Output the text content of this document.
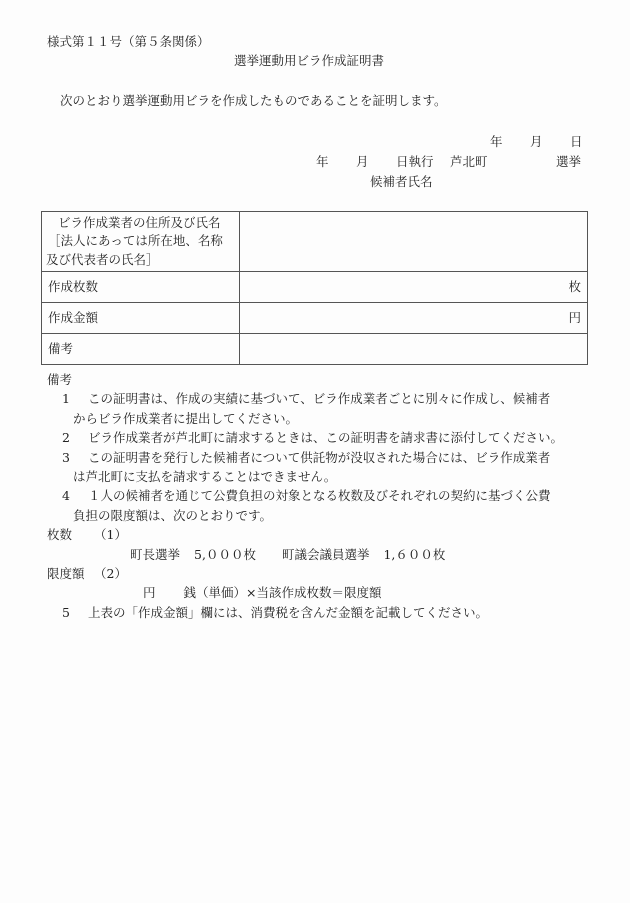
様式第１１号（第５条関係）
選挙運動用ビラ作成証明書
次のとおり選挙運動用ビラを作成したものであることを証明します。
年 月 日
年 月 日執行 芦北町	選挙
候補者氏名
ビラ作成業者の住所及び氏名
［法人にあっては所在地、名称
及び代表者の氏名］	

作成枚数	枚
作成金額	円
備考	
備考
1	この証明書は、作成の実績に基づいて、ビラ作成業者ごとに別々に作成し、候補者
からビラ作成業者に提出してください。
2	ビラ作成業者が芦北町に請求するときは、この証明書を請求書に添付してください。
3	この証明書を発行した候補者について供託物が没収された場合には、ビラ作成業者
は芦北町に支払を請求することはできません。
4	１人の候補者を通じて公費負担の対象となる枚数及びそれぞれの契約に基づく公費
負担の限度額は、次のとおりです。
（1）
枚数
町長選挙 5,０００枚 町議会議員選挙 1,６００枚
（2）
限度額
円 銭（単価）×当該作成枚数＝限度額
5	上表の「作成金額」欄には、消費税を含んだ金額を記載してください。
